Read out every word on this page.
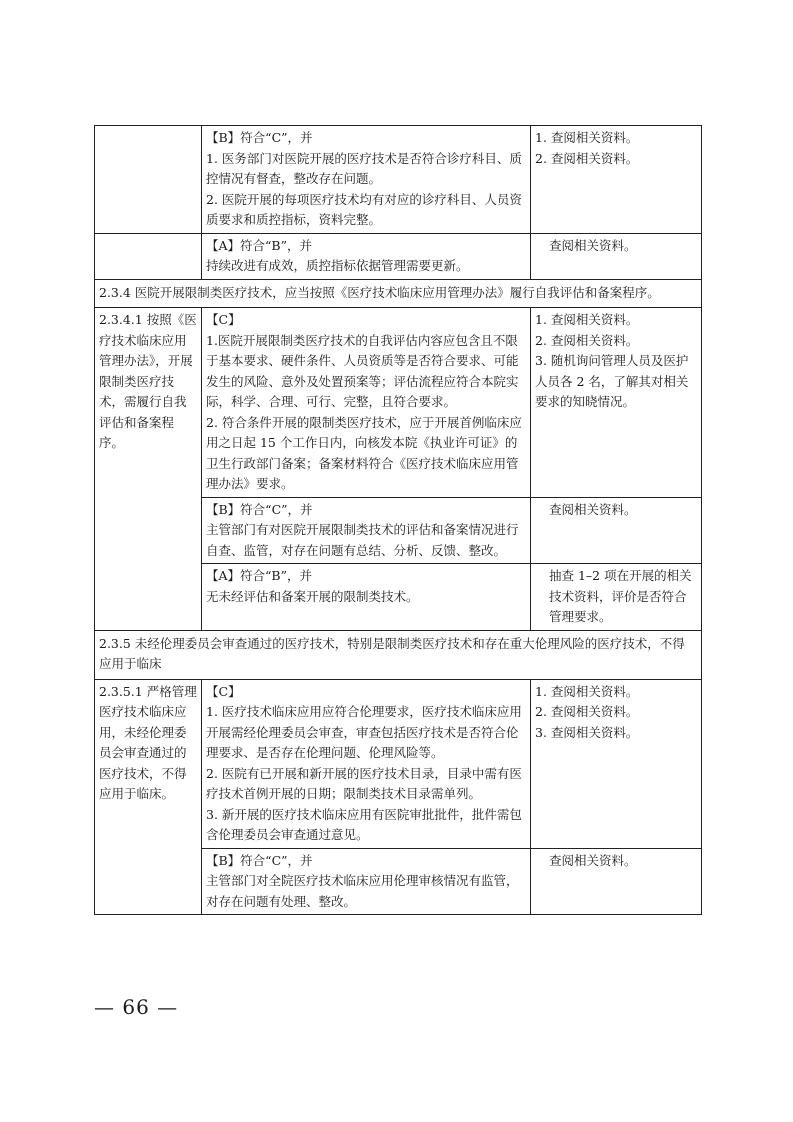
	【B】符合“C”，并
1. 医务部门对医院开展的医疗技术是否符合诊疗科目、质控情况有督查，整改存在问题。
2. 医院开展的每项医疗技术均有对应的诊疗科目、人员资质要求和质控指标，资料完整。	1. 查阅相关资料。
2. 查阅相关资料。

	【A】符合“B”，并
持续改进有成效，质控指标依据管理需要更新。	查阅相关资料。

2.3.4 医院开展限制类医疗技术，应当按照《医疗技术临床应用管理办法》履行自我评估和备案程序。		
2.3.4.1 按照《医疗技术临床应用管理办法》，开展限制类医疗技术，需履行自我评估和备案程序。	【C】
1.医院开展限制类医疗技术的自我评估内容应包含且不限于基本要求、硬件条件、人员资质等是否符合要求、可能发生的风险、意外及处置预案等；评估流程应符合本院实际，科学、合理、可行、完整，且符合要求。
2. 符合条件开展的限制类医疗技术，应于开展首例临床应用之日起 15 个工作日内，向核发本院《执业许可证》的卫生行政部门备案；备案材料符合《医疗技术临床应用管理办法》要求。	1. 查阅相关资料。
2. 查阅相关资料。
3. 随机询问管理人员及医护人员各 2 名，了解其对相关要求的知晓情况。

	【B】符合“C”，并
主管部门有对医院开展限制类技术的评估和备案情况进行自查、监管，对存在问题有总结、分析、反馈、整改。	查阅相关资料。

	【A】符合“B”，并
无未经评估和备案开展的限制类技术。	抽查 1–2 项在开展的相关技术资料，评价是否符合管理要求。

2.3.5 未经伦理委员会审查通过的医疗技术，特别是限制类医疗技术和存在重大伦理风险的医疗技术，不得应用于临床		
2.3.5.1 严格管理医疗技术临床应用，未经伦理委员会审查通过的医疗技术，不得应用于临床。	【C】
1. 医疗技术临床应用应符合伦理要求，医疗技术临床应用开展需经伦理委员会审查，审查包括医疗技术是否符合伦理要求、是否存在伦理问题、伦理风险等。
2. 医院有已开展和新开展的医疗技术目录，目录中需有医疗技术首例开展的日期；限制类技术目录需单列。
3. 新开展的医疗技术临床应用有医院审批批件，批件需包含伦理委员会审查通过意见。	1. 查阅相关资料。
2. 查阅相关资料。
3. 查阅相关资料。

	【B】符合“C”，并
主管部门对全院医疗技术临床应用伦理审核情况有监管，对存在问题有处理、整改。	查阅相关资料。
— 66 —
